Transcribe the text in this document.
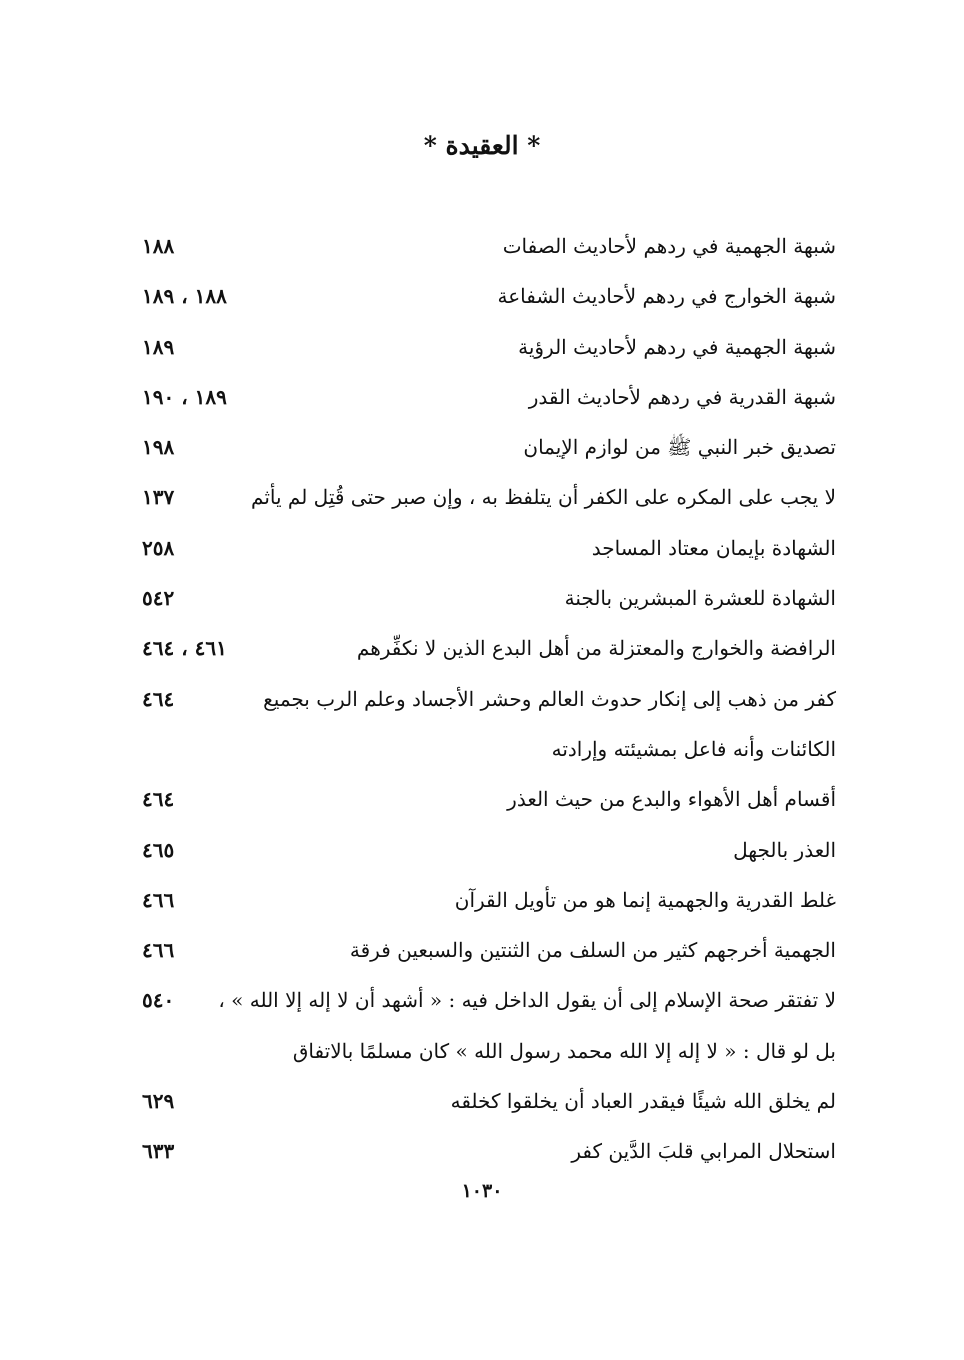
* العقيدة *
شبهة الجهمية في ردهم لأحاديث الصفات
١٨٨
شبهة الخوارج في ردهم لأحاديث الشفاعة
١٨٨ ، ١٨٩
شبهة الجهمية في ردهم لأحاديث الرؤية
١٨٩
شبهة القدرية في ردهم لأحاديث القدر
١٨٩ ، ١٩٠
تصديق خبر النبي ﷺ من لوازم الإيمان
١٩٨
لا يجب على المكره على الكفر أن يتلفظ به ، وإن صبر حتى قُتِل لم يأثم
١٣٧
الشهادة بإيمان معتاد المساجد
٢٥٨
الشهادة للعشرة المبشرين بالجنة
٥٤٢
الرافضة والخوارج والمعتزلة من أهل البدع الذين لا نكفِّرهم
٤٦١ ، ٤٦٤
كفر من ذهب إلى إنكار حدوث العالم وحشر الأجساد وعلم الرب بجميع
٤٦٤
الكائنات وأنه فاعل بمشيئته وإرادته
أقسام أهل الأهواء والبدع من حيث العذر
٤٦٤
العذر بالجهل
٤٦٥
غلط القدرية والجهمية إنما هو من تأويل القرآن
٤٦٦
الجهمية أخرجهم كثير من السلف من الثنتين والسبعين فرقة
٤٦٦
لا تفتقر صحة الإسلام إلى أن يقول الداخل فيه : « أشهد أن لا إله إلا الله » ،
٥٤٠
بل لو قال : « لا إله إلا الله محمد رسول الله » كان مسلمًا بالاتفاق
لم يخلق الله شيئًا فيقدر العباد أن يخلقوا كخلقه
٦٢٩
استحلال المرابي قلبَ الدَّين كفر
٦٣٣
١٠٣٠
